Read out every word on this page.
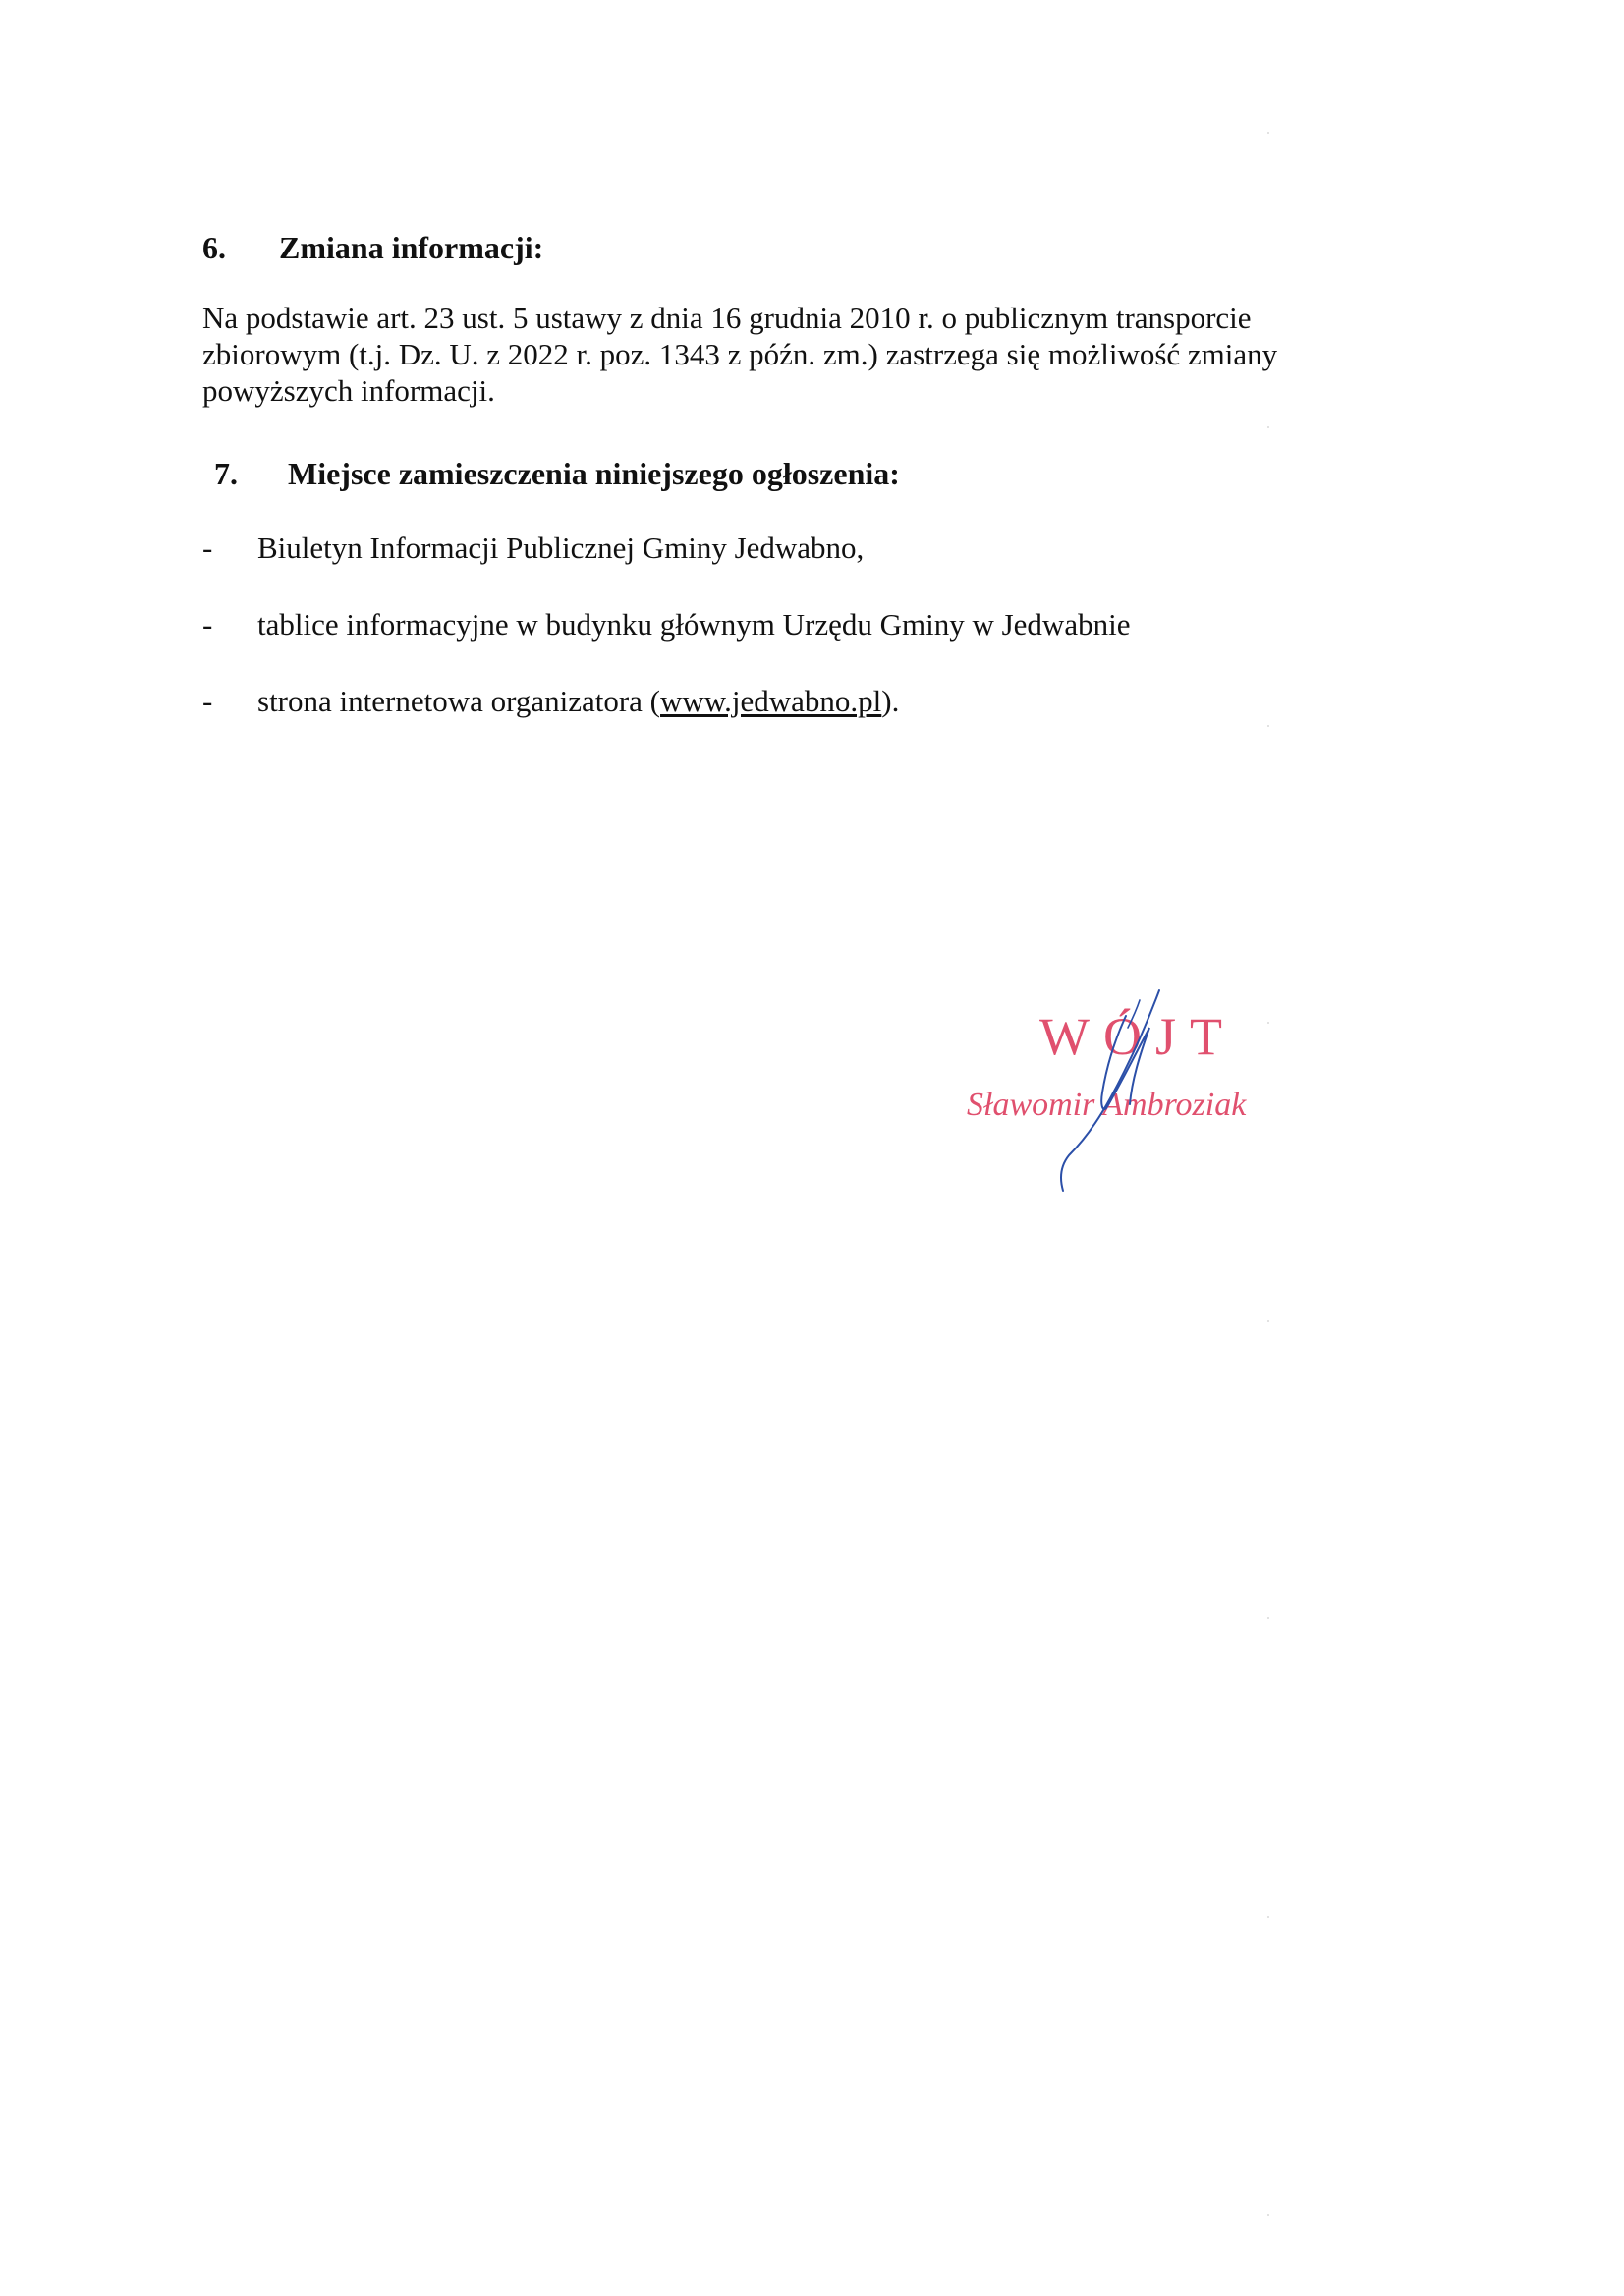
6. Zmiana informacji:
Na podstawie art. 23 ust. 5 ustawy z dnia 16 grudnia 2010 r. o publicznym transporcie
zbiorowym (t.j. Dz. U. z 2022 r. poz. 1343 z późn. zm.) zastrzega się możliwość zmiany
powyższych informacji.
7. Miejsce zamieszczenia niniejszego ogłoszenia:
- Biuletyn Informacji Publicznej Gminy Jedwabno,
- tablice informacyjne w budynku głównym Urzędu Gminy w Jedwabnie
- strona internetowa organizatora (www.jedwabno.pl).
WÓJT
Sławomir Ambroziak
